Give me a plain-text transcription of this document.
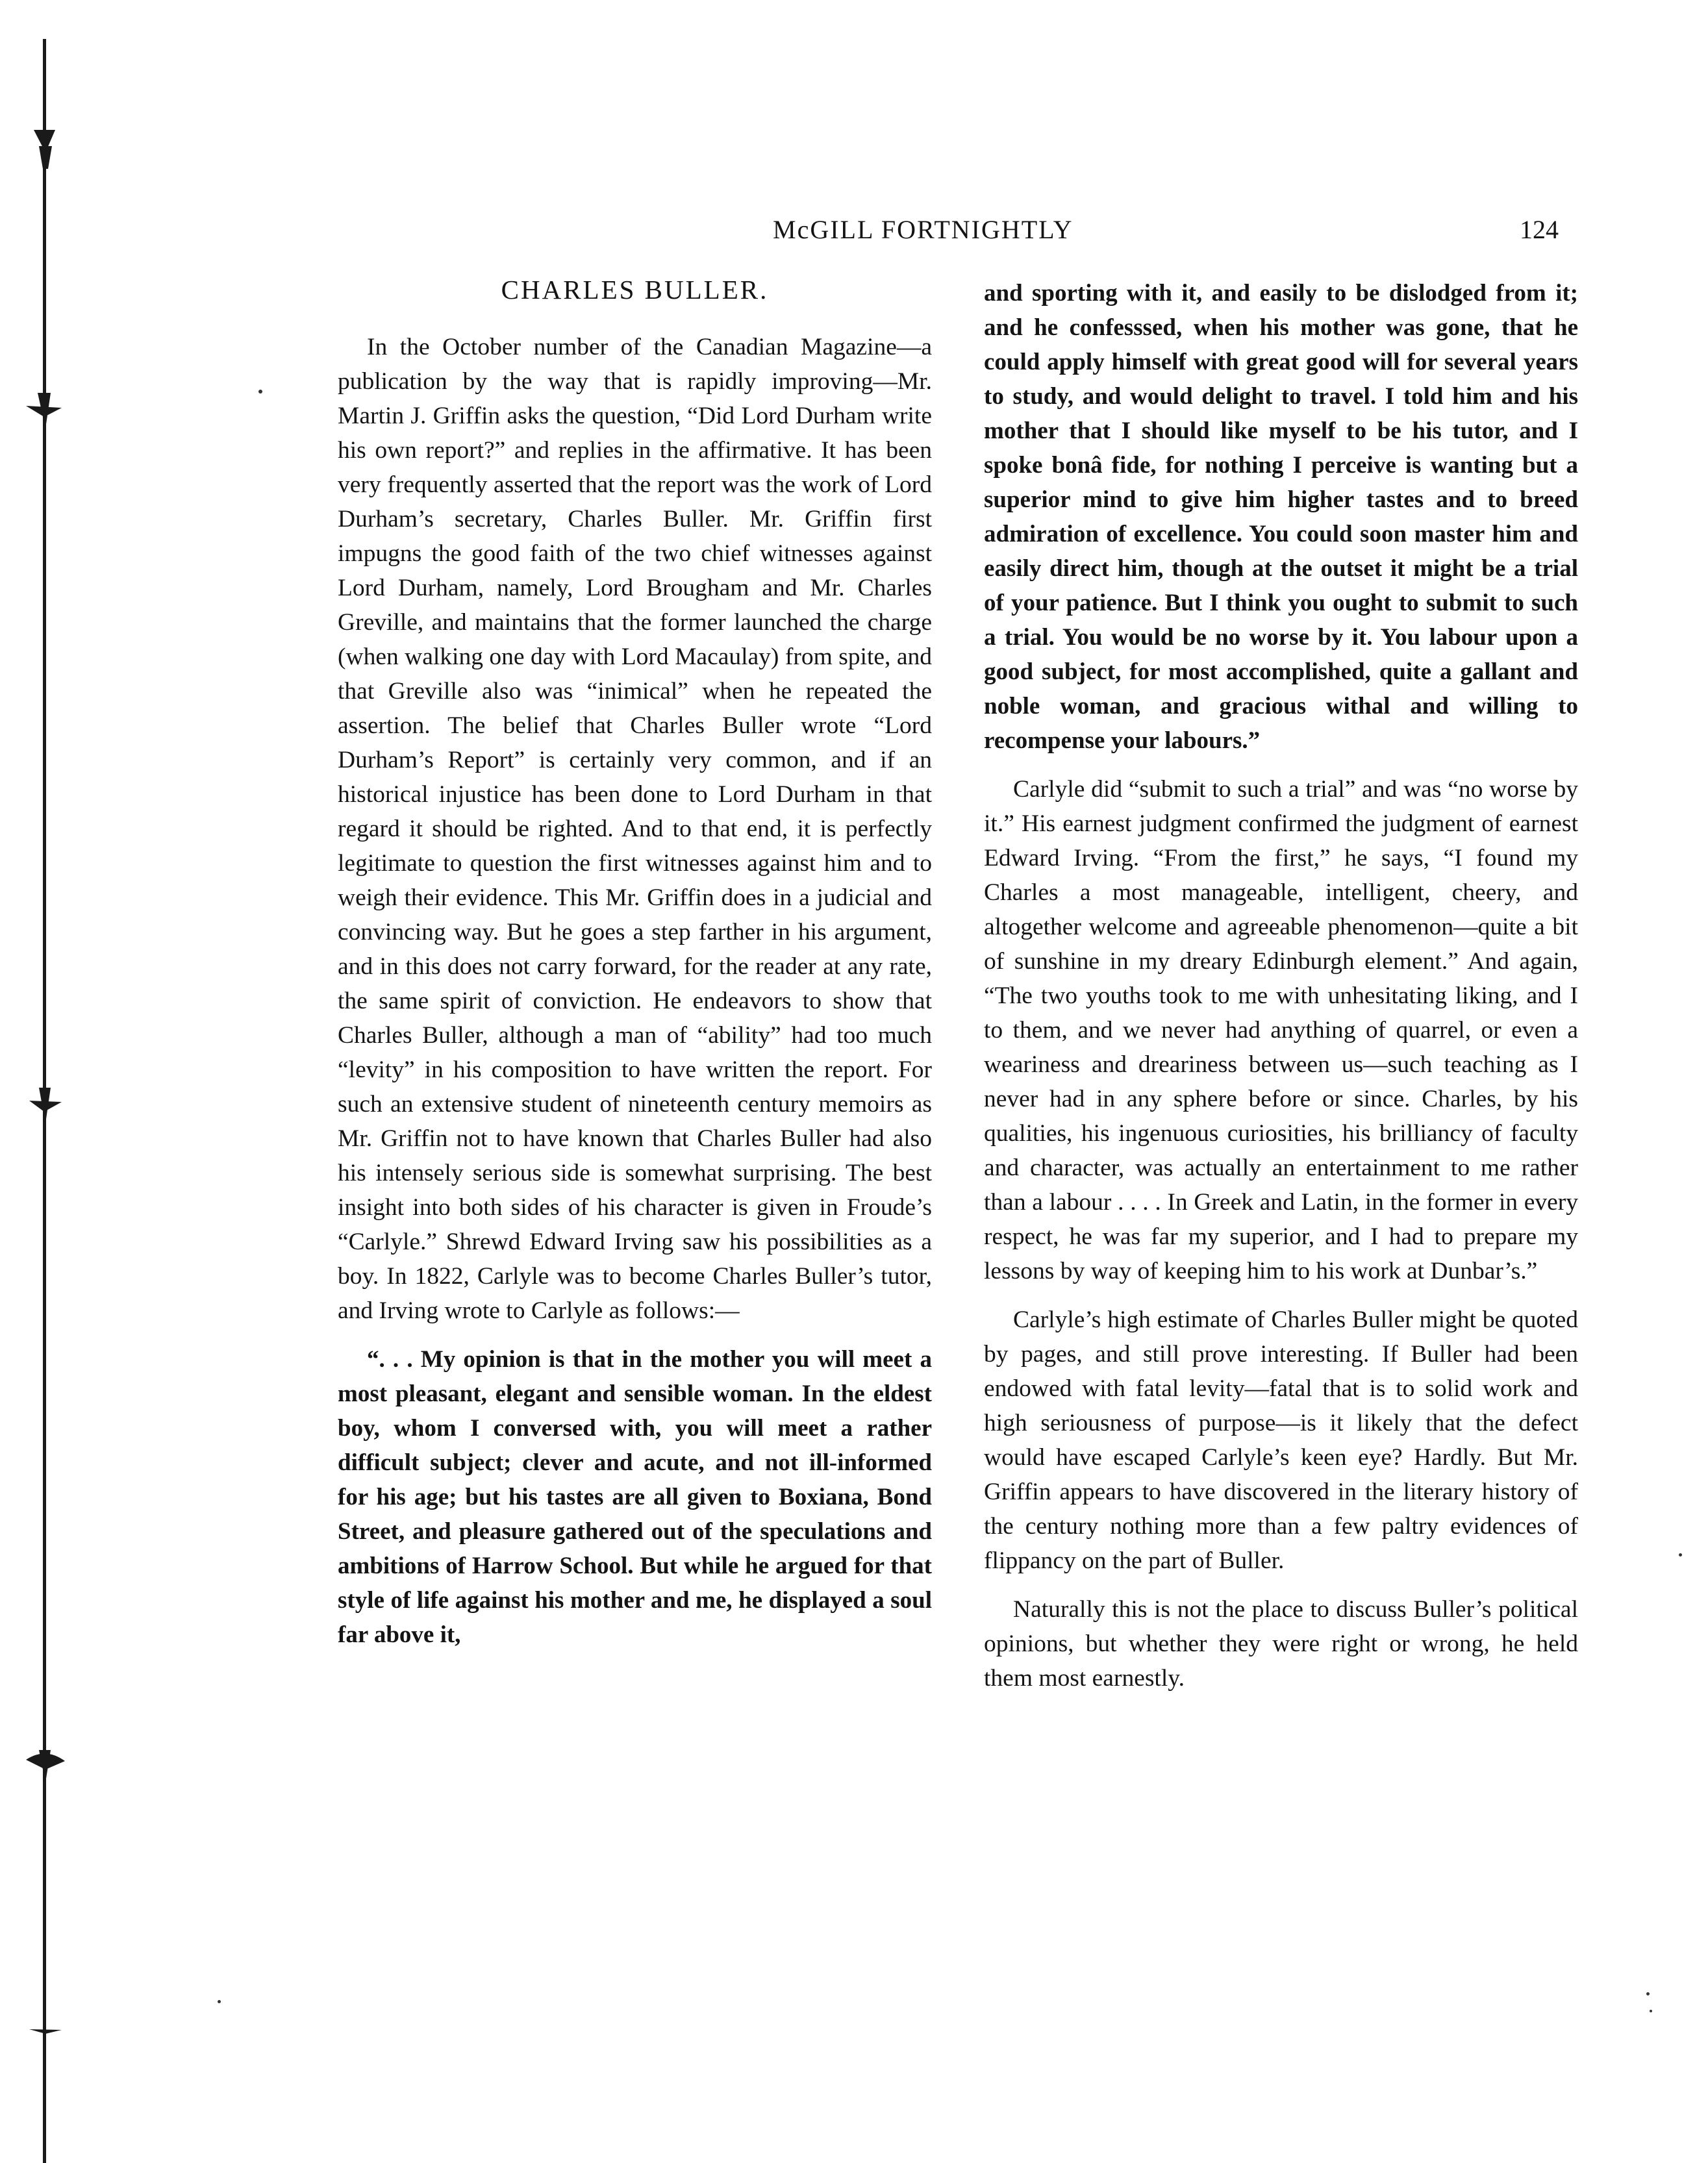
McGILL FORTNIGHTLY	124
CHARLES BULLER.

In the October number of the Canadian Magazine—a publication by the way that is rapidly improving—Mr. Martin J. Griffin asks the question, “Did Lord Durham write his own report?” and replies in the affirmative. It has been very frequently asserted that the report was the work of Lord Durham’s secretary, Charles Buller. Mr. Griffin first impugns the good faith of the two chief witnesses against Lord Durham, namely, Lord Brougham and Mr. Charles Greville, and maintains that the former launched the charge (when walking one day with Lord Macaulay) from spite, and that Greville also was “inimical” when he repeated the assertion. The belief that Charles Buller wrote “Lord Durham’s Report” is certainly very common, and if an historical injustice has been done to Lord Durham in that regard it should be righted. And to that end, it is perfectly legitimate to question the first witnesses against him and to weigh their evidence. This Mr. Griffin does in a judicial and convincing way. But he goes a step farther in his argument, and in this does not carry forward, for the reader at any rate, the same spirit of conviction. He endeavors to show that Charles Buller, although a man of “ability” had too much “levity” in his composition to have written the report. For such an extensive student of nineteenth century memoirs as Mr. Griffin not to have known that Charles Buller had also his intensely serious side is somewhat surprising. The best insight into both sides of his character is given in Froude’s “Carlyle.” Shrewd Edward Irving saw his possibilities as a boy. In 1822, Carlyle was to become Charles Buller’s tutor, and Irving wrote to Carlyle as follows:—

“. . . My opinion is that in the mother you will meet a most pleasant, elegant and sensible woman. In the eldest boy, whom I conversed with, you will meet a rather difficult subject; clever and acute, and not ill-informed for his age; but his tastes are all given to Boxiana, Bond Street, and pleasure gathered out of the speculations and ambitions of Harrow School. But while he argued for that style of life against his mother and me, he displayed a soul far above it,

and sporting with it, and easily to be dislodged from it; and he confesssed, when his mother was gone, that he could apply himself with great good will for several years to study, and would delight to travel. I told him and his mother that I should like myself to be his tutor, and I spoke bonâ fide, for nothing I perceive is wanting but a superior mind to give him higher tastes and to breed admiration of excellence. You could soon master him and easily direct him, though at the outset it might be a trial of your patience. But I think you ought to submit to such a trial. You would be no worse by it. You labour upon a good subject, for most accomplished, quite a gallant and noble woman, and gracious withal and willing to recompense your labours.”

Carlyle did “submit to such a trial” and was “no worse by it.” His earnest judgment confirmed the judgment of earnest Edward Irving. “From the first,” he says, “I found my Charles a most manageable, intelligent, cheery, and altogether welcome and agreeable phenomenon—quite a bit of sunshine in my dreary Edinburgh element.” And again, “The two youths took to me with unhesitating liking, and I to them, and we never had anything of quarrel, or even a weariness and dreariness between us—such teaching as I never had in any sphere before or since. Charles, by his qualities, his ingenuous curiosities, his brilliancy of faculty and character, was actually an entertainment to me rather than a labour . . . . In Greek and Latin, in the former in every respect, he was far my superior, and I had to prepare my lessons by way of keeping him to his work at Dunbar’s.”

Carlyle’s high estimate of Charles Buller might be quoted by pages, and still prove interesting. If Buller had been endowed with fatal levity—fatal that is to solid work and high seriousness of purpose—is it likely that the defect would have escaped Carlyle’s keen eye? Hardly. But Mr. Griffin appears to have discovered in the literary history of the century nothing more than a few paltry evidences of flippancy on the part of Buller.

Naturally this is not the place to discuss Buller’s political opinions, but whether they were right or wrong, he held them most earnestly.
